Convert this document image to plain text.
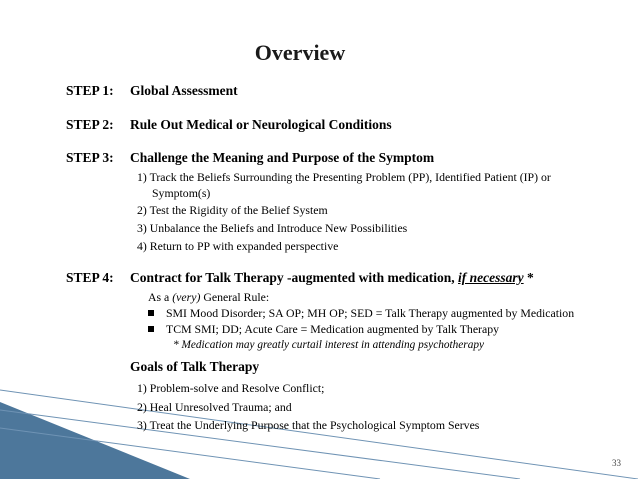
Overview
STEP 1: Global Assessment
STEP 2: Rule Out Medical or Neurological Conditions
STEP 3: Challenge the Meaning and Purpose of the Symptom
1) Track the Beliefs Surrounding the Presenting Problem (PP), Identified Patient (IP) or
Symptom(s)
2) Test the Rigidity of the Belief System
3) Unbalance the Beliefs and Introduce New Possibilities
4) Return to PP with expanded perspective
STEP 4: Contract for Talk Therapy -augmented with medication, if necessary *
As a (very) General Rule:
SMI Mood Disorder; SA OP; MH OP; SED = Talk Therapy augmented by Medication
TCM SMI; DD; Acute Care = Medication augmented by Talk Therapy
* Medication may greatly curtail interest in attending psychotherapy
Goals of Talk Therapy
1) Problem-solve and Resolve Conflict;
2) Heal Unresolved Trauma; and
3) Treat the Underlying Purpose that the Psychological Symptom Serves
33
